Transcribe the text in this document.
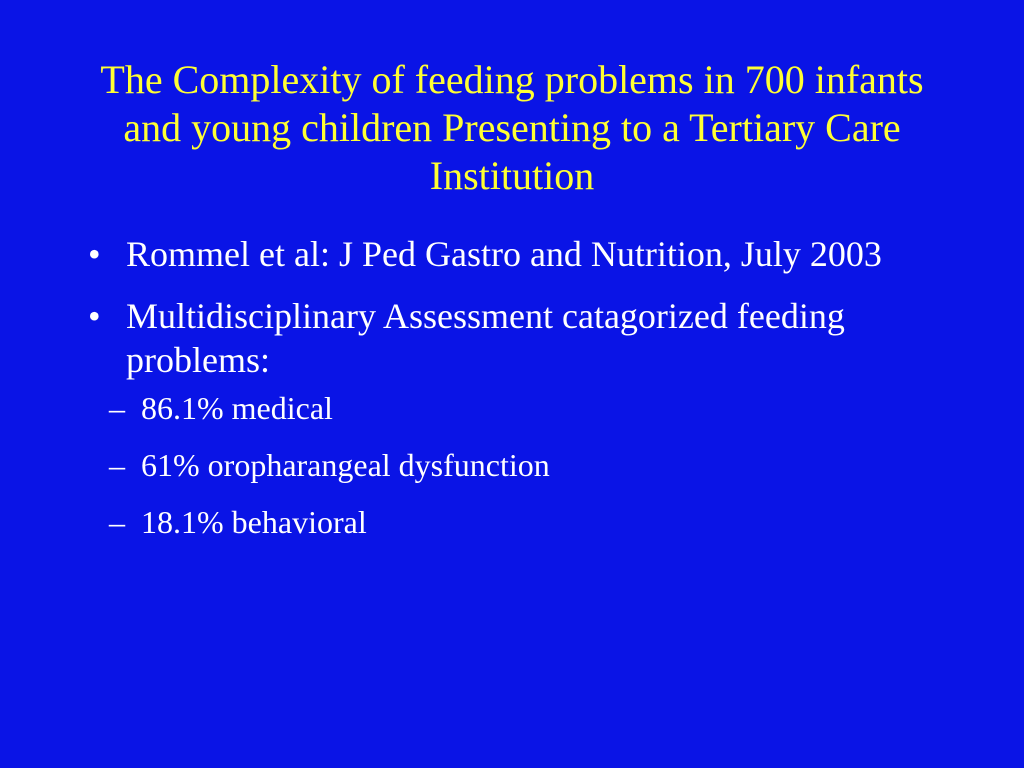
The Complexity of feeding problems in 700 infants and young children Presenting to a Tertiary Care Institution
• Rommel et al: J Ped Gastro and Nutrition, July 2003
• Multidisciplinary Assessment catagorized feeding problems:
– 86.1% medical
– 61% oropharangeal dysfunction
– 18.1% behavioral
